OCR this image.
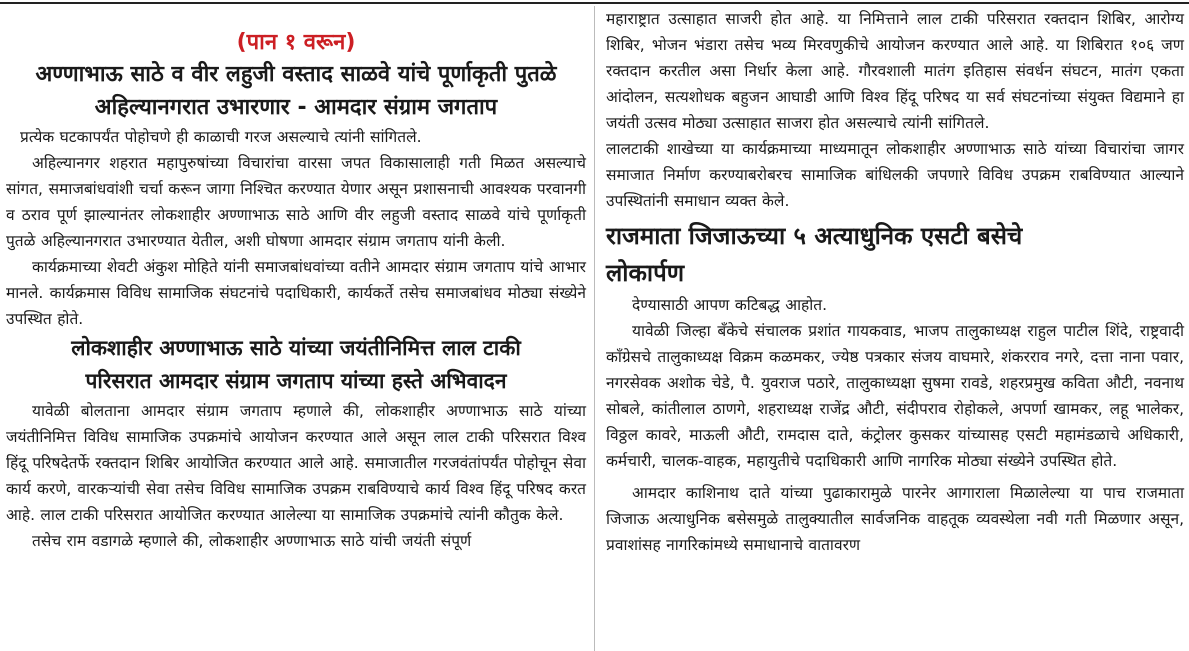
(पान १ वरून)
अण्णाभाऊ साठे व वीर लहुजी वस्ताद साळवे यांचे पूर्णाकृती पुतळे
अहिल्यानगरात उभारणार - आमदार संग्राम जगताप

प्रत्येक घटकापर्यंत पोहोचणे ही काळाची गरज असल्याचे त्यांनी सांगितले.

अहिल्यानगर शहरात महापुरुषांच्या विचारांचा वारसा जपत विकासालाही गती मिळत असल्याचे सांगत, समाजबांधवांशी चर्चा करून जागा निश्चित करण्यात येणार असून प्रशासनाची आवश्यक परवानगी व ठराव पूर्ण झाल्यानंतर लोकशाहीर अण्णाभाऊ साठे आणि वीर लहुजी वस्ताद साळवे यांचे पूर्णाकृती पुतळे अहिल्यानगरात उभारण्यात येतील, अशी घोषणा आमदार संग्राम जगताप यांनी केली.

कार्यक्रमाच्या शेवटी अंकुश मोहिते यांनी समाजबांधवांच्या वतीने आमदार संग्राम जगताप यांचे आभार मानले. कार्यक्रमास विविध सामाजिक संघटनांचे पदाधिकारी, कार्यकर्ते तसेच समाजबांधव मोठ्या संख्येने उपस्थित होते.

लोकशाहीर अण्णाभाऊ साठे यांच्या जयंतीनिमित्त लाल टाकी
परिसरात आमदार संग्राम जगताप यांच्या हस्ते अभिवादन

यावेळी बोलताना आमदार संग्राम जगताप म्हणाले की, लोकशाहीर अण्णाभाऊ साठे यांच्या जयंतीनिमित्त विविध सामाजिक उपक्रमांचे आयोजन करण्यात आले असून लाल टाकी परिसरात विश्व हिंदू परिषदेतर्फे रक्तदान शिबिर आयोजित करण्यात आले आहे. समाजातील गरजवंतांपर्यंत पोहोचून सेवा कार्य करणे, वारकऱ्यांची सेवा तसेच विविध सामाजिक उपक्रम राबविण्याचे कार्य विश्व हिंदू परिषद करत आहे. लाल टाकी परिसरात आयोजित करण्यात आलेल्या या सामाजिक उपक्रमांचे त्यांनी कौतुक केले.

तसेच राम वडागळे म्हणाले की, लोकशाहीर अण्णाभाऊ साठे यांची जयंती संपूर्ण

महाराष्ट्रात उत्साहात साजरी होत आहे. या निमित्ताने लाल टाकी परिसरात रक्तदान शिबिर, आरोग्य शिबिर, भोजन भंडारा तसेच भव्य मिरवणुकीचे आयोजन करण्यात आले आहे. या शिबिरात १०६ जण रक्तदान करतील असा निर्धार केला आहे. गौरवशाली मातंग इतिहास संवर्धन संघटन, मातंग एकता आंदोलन, सत्यशोधक बहुजन आघाडी आणि विश्व हिंदू परिषद या सर्व संघटनांच्या संयुक्त विद्यमाने हा जयंती उत्सव मोठ्या उत्साहात साजरा होत असल्याचे त्यांनी सांगितले.

लालटाकी शाखेच्या या कार्यक्रमाच्या माध्यमातून लोकशाहीर अण्णाभाऊ साठे यांच्या विचारांचा जागर समाजात निर्माण करण्याबरोबरच सामाजिक बांधिलकी जपणारे विविध उपक्रम राबविण्यात आल्याने उपस्थितांनी समाधान व्यक्त केले.

राजमाता जिजाऊच्या ५ अत्याधुनिक एसटी बसेचे
लोकार्पण

देण्यासाठी आपण कटिबद्ध आहोत.

यावेळी जिल्हा बँकेचे संचालक प्रशांत गायकवाड, भाजप तालुकाध्यक्ष राहुल पाटील शिंदे, राष्ट्रवादी काँग्रेसचे तालुकाध्यक्ष विक्रम कळमकर, ज्येष्ठ पत्रकार संजय वाघमारे, शंकरराव नगरे, दत्ता नाना पवार, नगरसेवक अशोक चेडे, पै. युवराज पठारे, तालुकाध्यक्षा सुषमा रावडे, शहरप्रमुख कविता औटी, नवनाथ सोबले, कांतीलाल ठाणगे, शहराध्यक्ष राजेंद्र औटी, संदीपराव रोहोकले, अपर्णा खामकर, लहू भालेकर, विठ्ठल कावरे, माऊली औटी, रामदास दाते, कंट्रोलर कुसकर यांच्यासह एसटी महामंडळाचे अधिकारी, कर्मचारी, चालक-वाहक, महायुतीचे पदाधिकारी आणि नागरिक मोठ्या संख्येने उपस्थित होते.

आमदार काशिनाथ दाते यांच्या पुढाकारामुळे पारनेर आगाराला मिळालेल्या या पाच राजमाता जिजाऊ अत्याधुनिक बसेसमुळे तालुक्यातील सार्वजनिक वाहतूक व्यवस्थेला नवी गती मिळणार असून, प्रवाशांसह नागरिकांमध्ये समाधानाचे वातावरण
